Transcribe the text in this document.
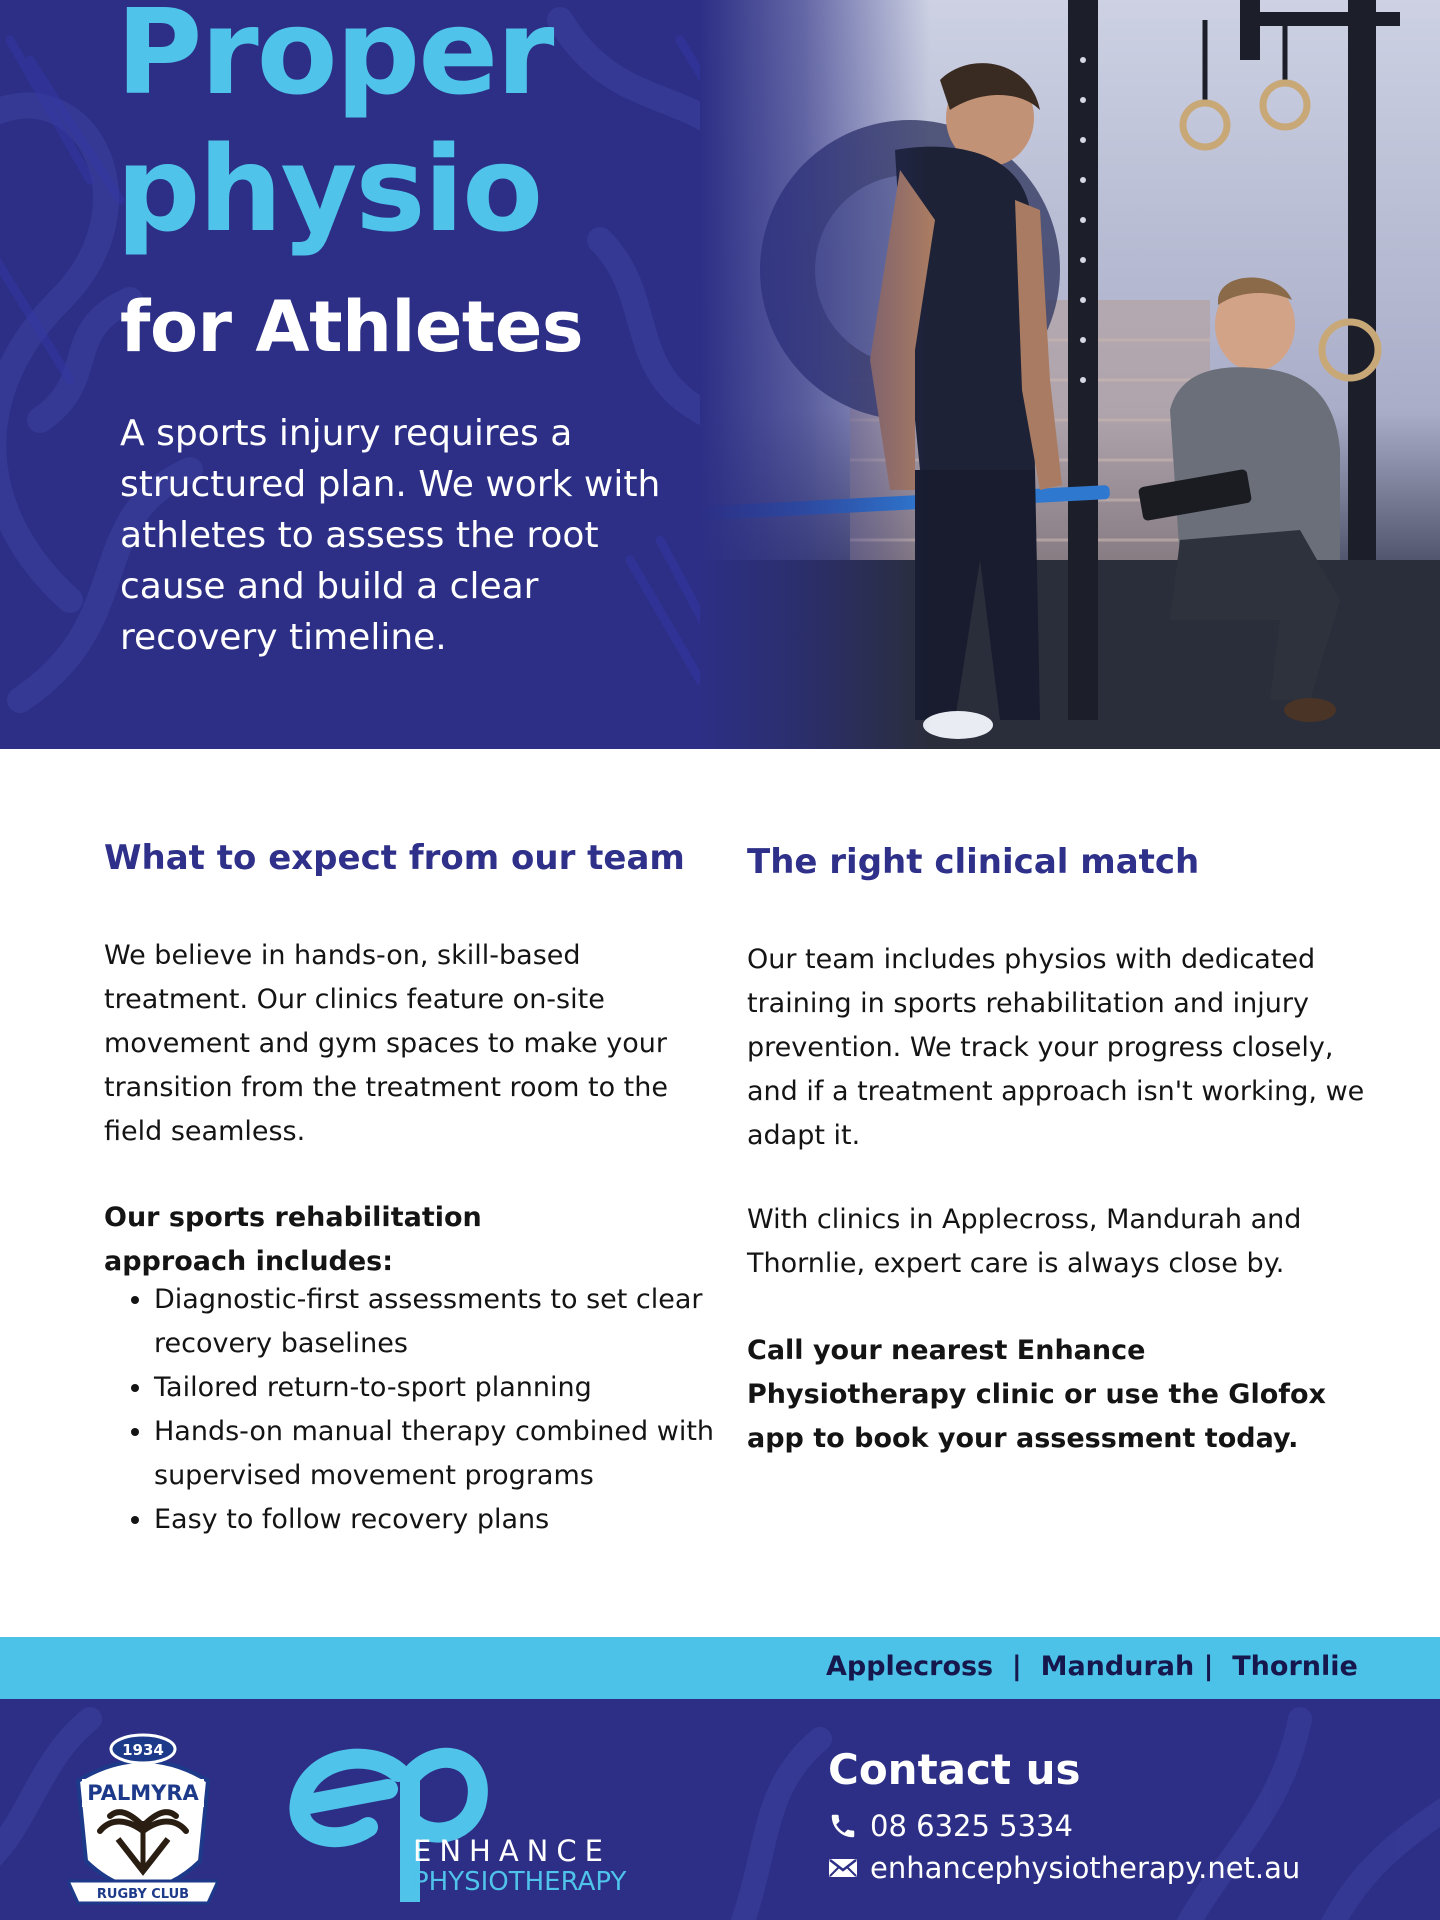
Proper
physio
for Athletes

A sports injury requires a structured plan. We work with athletes to assess the root cause and build a clear recovery timeline.

What to expect from our team

We believe in hands-on, skill-based treatment. Our clinics feature on-site movement and gym spaces to make your transition from the treatment room to the field seamless.

Our sports rehabilitation approach includes:

• Diagnostic-first assessments to set clear recovery baselines
• Tailored return-to-sport planning
• Hands-on manual therapy combined with supervised movement programs
• Easy to follow recovery plans
The right clinical match

Our team includes physios with dedicated training in sports rehabilitation and injury prevention. We track your progress closely, and if a treatment approach isn't working, we adapt it.

With clinics in Applecross, Mandurah and Thornlie, expert care is always close by.

Call your nearest Enhance Physiotherapy clinic or use the Glofox app to book your assessment today.

Applecross  |  Mandurah |  Thornlie

1934
PALMYRA
RUGBY CLUB

ENHANCE

PHYSIOTHERAPY

Contact us

08 6325 5334
enhancephysiotherapy.net.au
